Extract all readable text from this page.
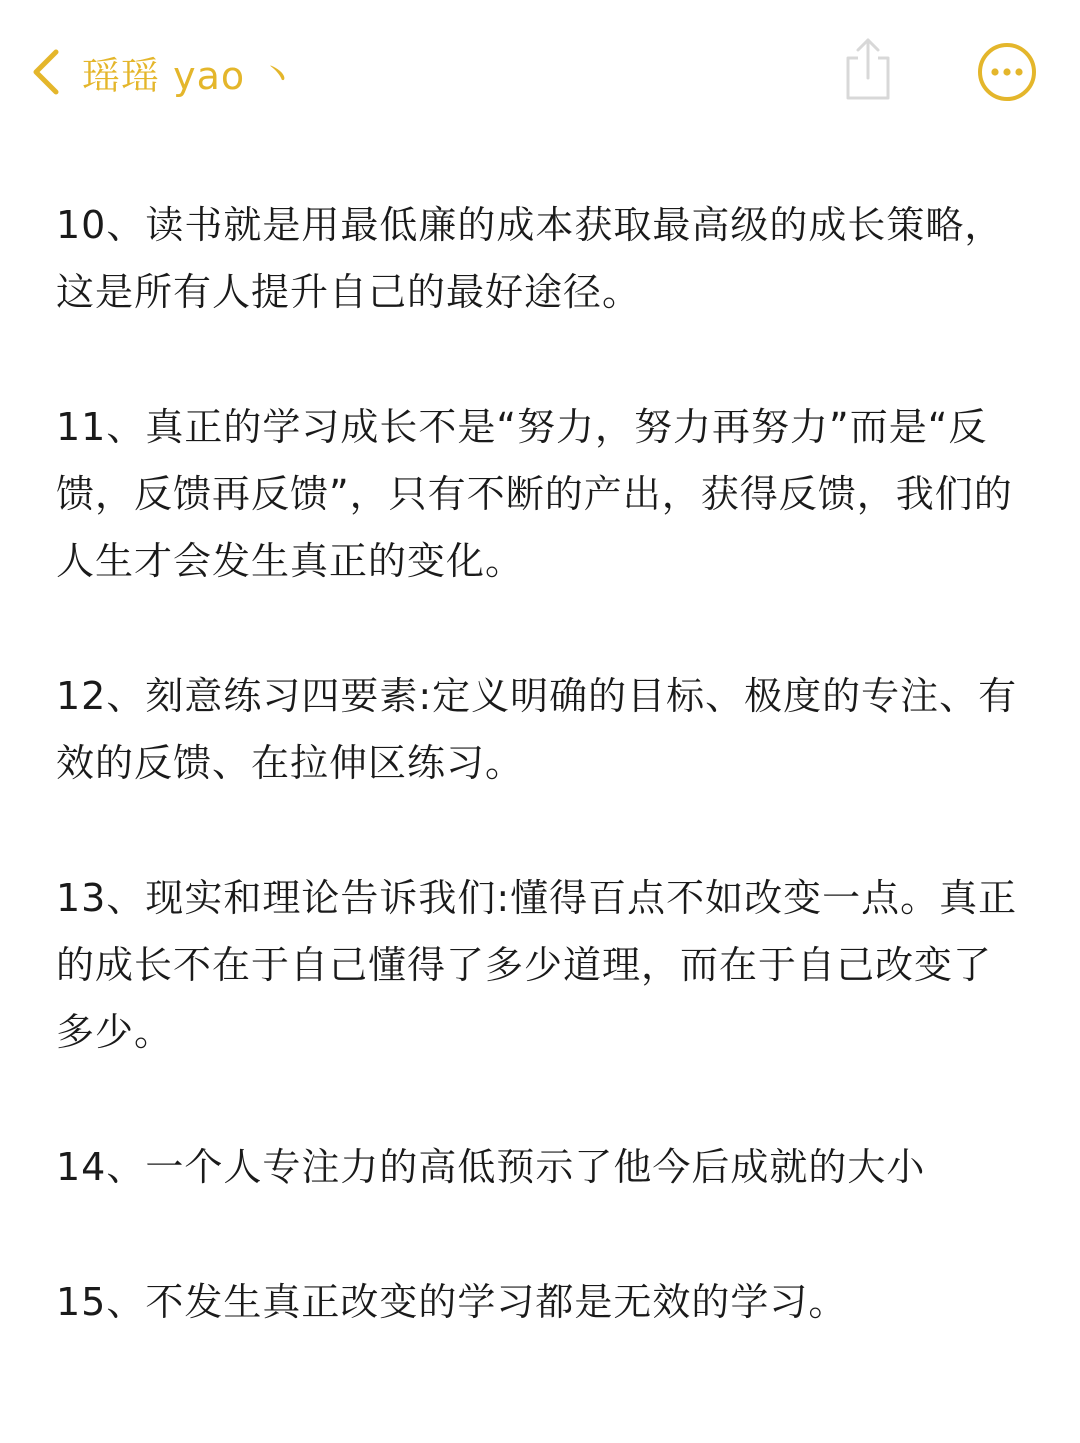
瑶瑶 yao 丶

10、读书就是用最低廉的成本获取最高级的成长策略，这是所有人提升自己的最好途径。

11、真正的学习成长不是“努力，努力再努力”而是“反馈，反馈再反馈”，只有不断的产出，获得反馈，我们的人生才会发生真正的变化。

12、刻意练习四要素:定义明确的目标、极度的专注、有效的反馈、在拉伸区练习。

13、现实和理论告诉我们:懂得百点不如改变一点。真正的成长不在于自己懂得了多少道理，而在于自己改变了多少。

14、一个人专注力的高低预示了他今后成就的大小

15、不发生真正改变的学习都是无效的学习。
